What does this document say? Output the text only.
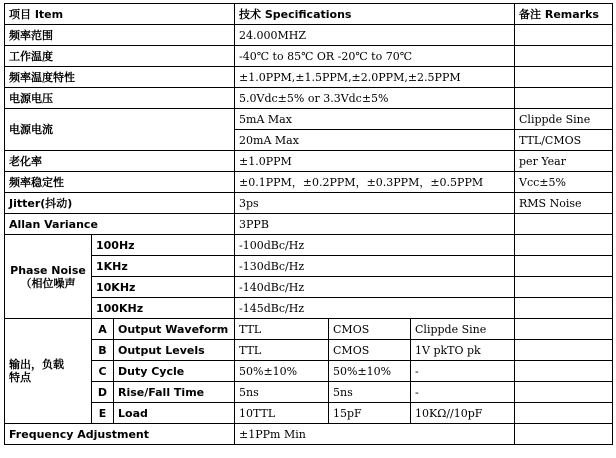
项目 Item			技术 Specifications			备注 Remarks
频率范围			24.000MHZ			
工作温度			-40℃ to 85℃ OR -20℃ to 70℃			
频率温度特性			±1.0PPM,±1.5PPM,±2.0PPM,±2.5PPM			
电源电压			5.0Vdc±5% or 3.3Vdc±5%			
电源电流			5mA Max			Clippde Sine
			20mA Max			TTL/CMOS
老化率			±1.0PPM			per Year
频率稳定性			±0.1PPM，±0.2PPM，±0.3PPM，±0.5PPM			Vcc±5%
Jitter(抖动)			3ps			RMS Noise
Allan Variance			3PPB			
Phase Noise
（相位噪声	100Hz		-100dBc/Hz			
	1KHz		-130dBc/Hz			
	10KHz		-140dBc/Hz			
	100KHz		-145dBc/Hz			
输出，负载
特点	A	Output Waveform	TTL	CMOS	Clippde Sine	
	B	Output Levels	TTL	CMOS	1V pkTO pk	
	C	Duty Cycle	50%±10%	50%±10%	-	
	D	Rise/Fall Time	5ns	5ns	-	
	E	Load	10TTL	15pF	10KΩ//10pF	
Frequency Adjustment			±1PPm Min			
